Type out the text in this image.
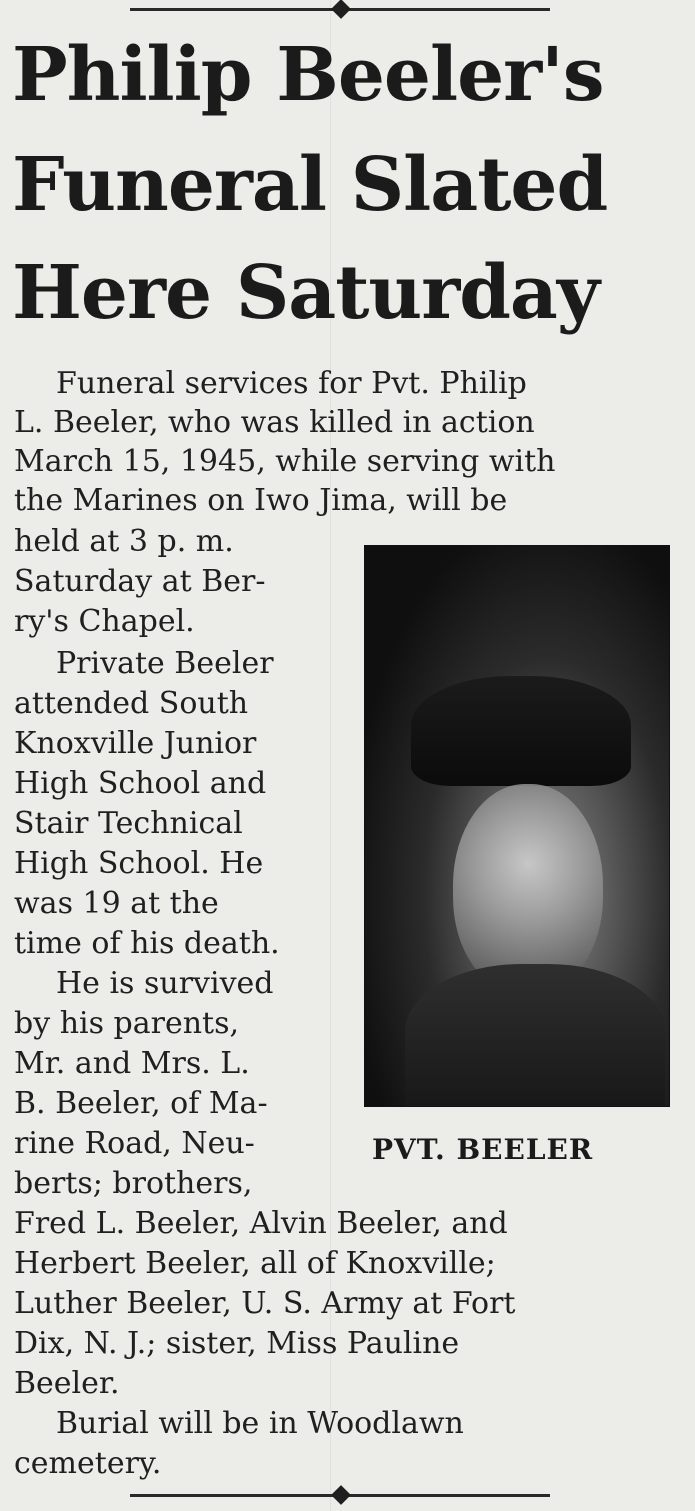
Philip Beeler's
Funeral Slated
Here Saturday
Funeral services for Pvt. Philip
L. Beeler, who was killed in action
March 15, 1945, while serving with
the Marines on Iwo Jima, will be
held at 3 p. m.
Saturday at Ber-
ry's Chapel.
Private Beeler
attended South
Knoxville Junior
High School and
Stair Technical
High School. He
was 19 at the
time of his death.
He is survived
by his parents,
Mr. and Mrs. L.
B. Beeler, of Ma-
rine Road, Neu-
berts; brothers,
Fred L. Beeler, Alvin Beeler, and
Herbert Beeler, all of Knoxville;
Luther Beeler, U. S. Army at Fort
Dix, N. J.; sister, Miss Pauline
Beeler.
Burial will be in Woodlawn
cemetery.
PVT. BEELER
